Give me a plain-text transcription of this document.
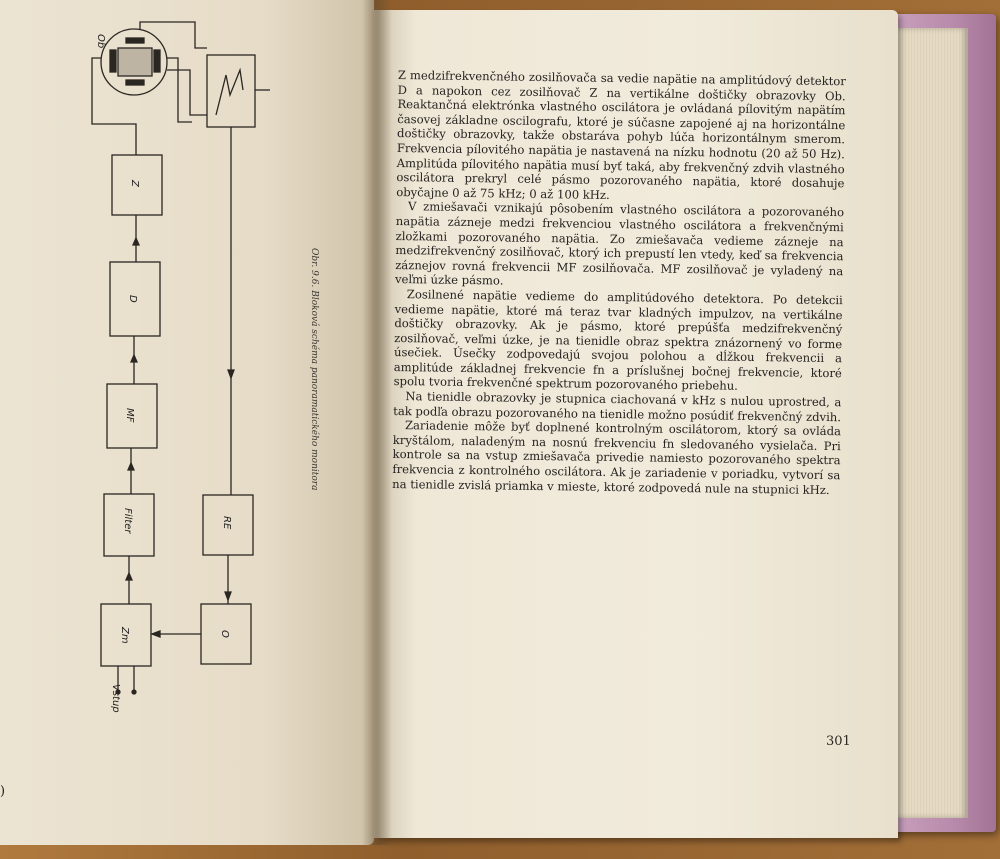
Ob
Z
D
MF
Filter
Zm
RE
O
Vstup
Obr. 9.6. Bloková schéma panoramatického monitora
)

Z medzifrekvenčného zosilňovača sa vedie napätie na amplitúdový detektor D a napokon cez zosilňovač Z na vertikálne doštičky obrazovky Ob. Reaktančná elektrónka vlastného oscilátora je ovládaná pílovitým napätím časovej základne oscilografu, ktoré je súčasne zapojené aj na horizontálne doštičky obrazovky, takže obstaráva pohyb lúča horizontálnym smerom. Frekvencia pílovitého napätia je nastavená na nízku hodnotu (20 až 50 Hz). Amplitúda pílovitého napätia musí byť taká, aby frekvenčný zdvih vlastného oscilátora prekryl celé pásmo pozorovaného napätia, ktoré dosahuje obyčajne 0 až 75 kHz; 0 až 100 kHz.

V zmiešavači vznikajú pôsobením vlastného oscilátora a pozorovaného napätia zázneje medzi frekvenciou vlastného oscilátora a frekvenčnými zložkami pozorovaného napätia. Zo zmiešavača vedieme zázneje na medzifrekvenčný zosilňovač, ktorý ich prepustí len vtedy, keď sa frekvencia záznejov rovná frekvencii MF zosilňovača. MF zosilňovač je vyladený na veľmi úzke pásmo.

Zosilnené napätie vedieme do amplitúdového detektora. Po detekcii vedieme napätie, ktoré má teraz tvar kladných impulzov, na vertikálne doštičky obrazovky. Ak je pásmo, ktoré prepúšťa medzifrekvenčný zosilňovač, veľmi úzke, je na tienidle obraz spektra znázornený vo forme úsečiek. Úsečky zodpovedajú svojou polohou a dĺžkou frekvencii a amplitúde základnej frekvencie fn a príslušnej bočnej frekvencie, ktoré spolu tvoria frekvenčné spektrum pozorovaného priebehu.

Na tienidle obrazovky je stupnica ciachovaná v kHz s nulou uprostred, a tak podľa obrazu pozorovaného na tienidle možno posúdiť frekvenčný zdvih.

Zariadenie môže byť doplnené kontrolným oscilátorom, ktorý sa ovláda kryštálom, naladeným na nosnú frekvenciu fn sledovaného vysielača. Pri kontrole sa na vstup zmiešavača privedie namiesto pozorovaného spektra frekvencia z kontrolného oscilátora. Ak je zariadenie v poriadku, vytvorí sa na tienidle zvislá priamka v mieste, ktoré zodpovedá nule na stupnici kHz.

301
